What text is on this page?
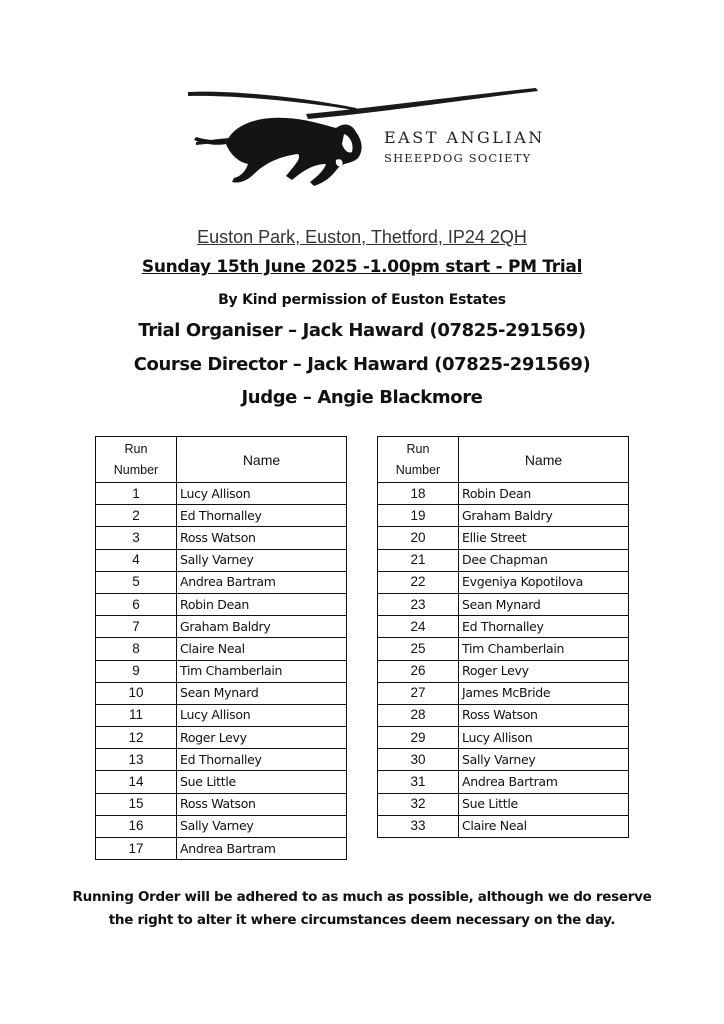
EAST ANGLIAN
SHEEPDOG SOCIETY
Euston Park, Euston, Thetford, IP24 2QH
Sunday 15th June 2025 -1.00pm start - PM Trial
By Kind permission of Euston Estates
Trial Organiser – Jack Haward (07825-291569)
Course Director – Jack Haward (07825-291569)
Judge – Angie Blackmore
Run
Number	Name
1	Lucy Allison
2	Ed Thornalley
3	Ross Watson
4	Sally Varney
5	Andrea Bartram
6	Robin Dean
7	Graham Baldry
8	Claire Neal
9	Tim Chamberlain
10	Sean Mynard
11	Lucy Allison
12	Roger Levy
13	Ed Thornalley
14	Sue Little
15	Ross Watson
16	Sally Varney
17	Andrea Bartram
Run
Number	Name
18	Robin Dean
19	Graham Baldry
20	Ellie Street
21	Dee Chapman
22	Evgeniya Kopotilova
23	Sean Mynard
24	Ed Thornalley
25	Tim Chamberlain
26	Roger Levy
27	James McBride
28	Ross Watson
29	Lucy Allison
30	Sally Varney
31	Andrea Bartram
32	Sue Little
33	Claire Neal
Running Order will be adhered to as much as possible, although we do reserve
the right to alter it where circumstances deem necessary on the day.
